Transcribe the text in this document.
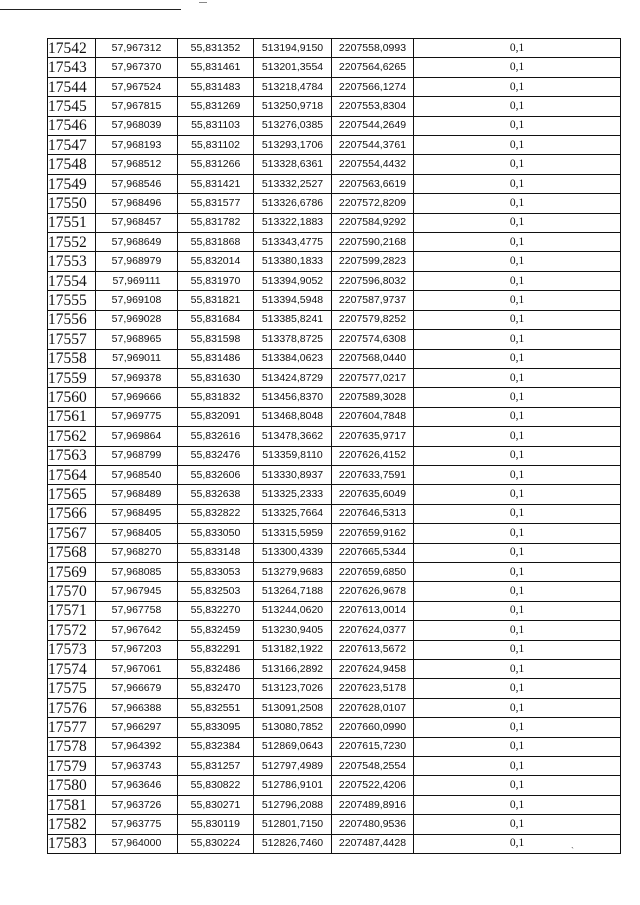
17542	57,967312	55,831352	513194,9150	2207558,0993	0,1
17543	57,967370	55,831461	513201,3554	2207564,6265	0,1
17544	57,967524	55,831483	513218,4784	2207566,1274	0,1
17545	57,967815	55,831269	513250,9718	2207553,8304	0,1
17546	57,968039	55,831103	513276,0385	2207544,2649	0,1
17547	57,968193	55,831102	513293,1706	2207544,3761	0,1
17548	57,968512	55,831266	513328,6361	2207554,4432	0,1
17549	57,968546	55,831421	513332,2527	2207563,6619	0,1
17550	57,968496	55,831577	513326,6786	2207572,8209	0,1
17551	57,968457	55,831782	513322,1883	2207584,9292	0,1
17552	57,968649	55,831868	513343,4775	2207590,2168	0,1
17553	57,968979	55,832014	513380,1833	2207599,2823	0,1
17554	57,969111	55,831970	513394,9052	2207596,8032	0,1
17555	57,969108	55,831821	513394,5948	2207587,9737	0,1
17556	57,969028	55,831684	513385,8241	2207579,8252	0,1
17557	57,968965	55,831598	513378,8725	2207574,6308	0,1
17558	57,969011	55,831486	513384,0623	2207568,0440	0,1
17559	57,969378	55,831630	513424,8729	2207577,0217	0,1
17560	57,969666	55,831832	513456,8370	2207589,3028	0,1
17561	57,969775	55,832091	513468,8048	2207604,7848	0,1
17562	57,969864	55,832616	513478,3662	2207635,9717	0,1
17563	57,968799	55,832476	513359,8110	2207626,4152	0,1
17564	57,968540	55,832606	513330,8937	2207633,7591	0,1
17565	57,968489	55,832638	513325,2333	2207635,6049	0,1
17566	57,968495	55,832822	513325,7664	2207646,5313	0,1
17567	57,968405	55,833050	513315,5959	2207659,9162	0,1
17568	57,968270	55,833148	513300,4339	2207665,5344	0,1
17569	57,968085	55,833053	513279,9683	2207659,6850	0,1
17570	57,967945	55,832503	513264,7188	2207626,9678	0,1
17571	57,967758	55,832270	513244,0620	2207613,0014	0,1
17572	57,967642	55,832459	513230,9405	2207624,0377	0,1
17573	57,967203	55,832291	513182,1922	2207613,5672	0,1
17574	57,967061	55,832486	513166,2892	2207624,9458	0,1
17575	57,966679	55,832470	513123,7026	2207623,5178	0,1
17576	57,966388	55,832551	513091,2508	2207628,0107	0,1
17577	57,966297	55,833095	513080,7852	2207660,0990	0,1
17578	57,964392	55,832384	512869,0643	2207615,7230	0,1
17579	57,963743	55,831257	512797,4989	2207548,2554	0,1
17580	57,963646	55,830822	512786,9101	2207522,4206	0,1
17581	57,963726	55,830271	512796,2088	2207489,8916	0,1
17582	57,963775	55,830119	512801,7150	2207480,9536	0,1
17583	57,964000	55,830224	512826,7460	2207487,4428	0,1
`
